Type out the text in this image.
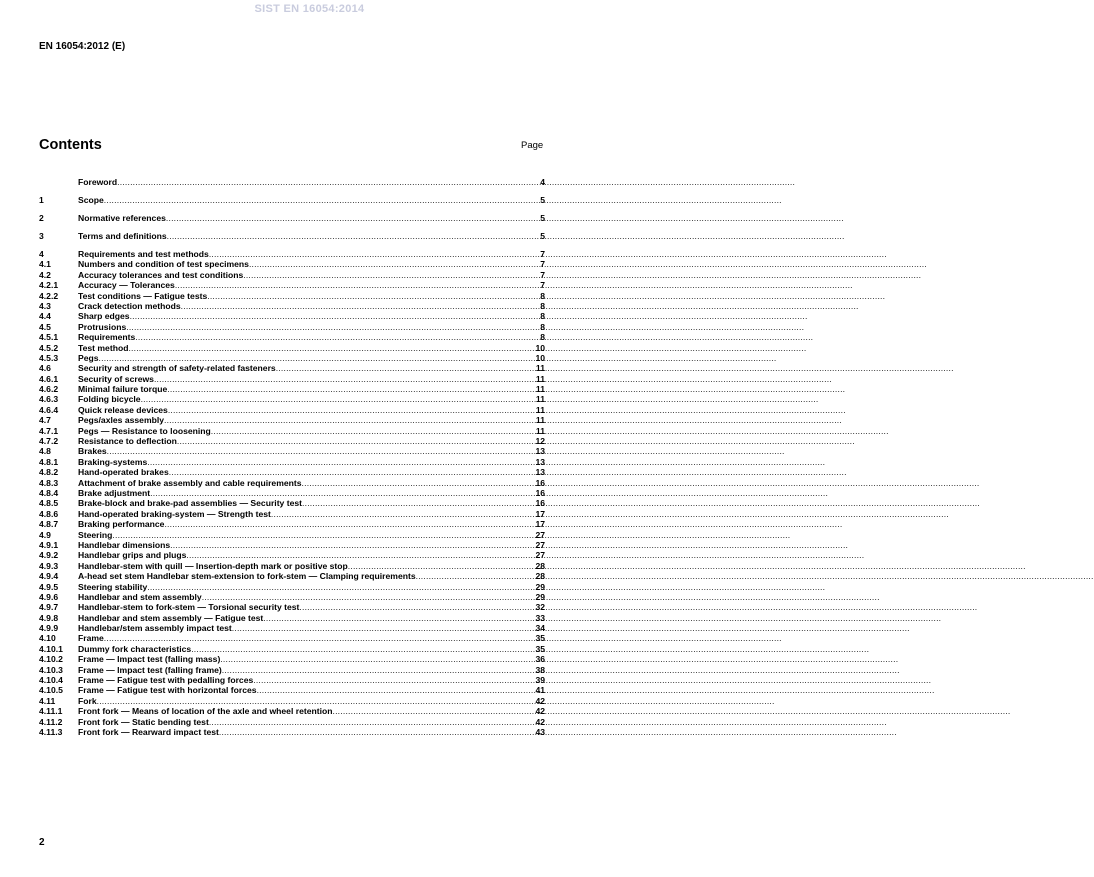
SIST EN 16054:2014
EN 16054:2012 (E)
Contents	Page
Foreword .....	4
1	Scope .....	5
2	Normative references .....	5
3	Terms and definitions .....	5
4	Requirements and test methods .....	7
4.1	Numbers and condition of test specimens .....	7
4.2	Accuracy tolerances and test conditions .....	7
4.2.1	Accuracy — Tolerances .....	7
4.2.2	Test conditions — Fatigue tests .....	8
4.3	Crack detection methods .....	8
4.4	Sharp edges .....	8
4.5	Protrusions .....	8
4.5.1	Requirements .....	8
4.5.2	Test method .....	10
4.5.3	Pegs .....	10
4.6	Security and strength of safety-related fasteners .....	11
4.6.1	Security of screws .....	11
4.6.2	Minimal failure torque .....	11
4.6.3	Folding bicycle .....	11
4.6.4	Quick release devices .....	11
4.7	Pegs/axles assembly .....	11
4.7.1	Pegs — Resistance to loosening .....	11
4.7.2	Resistance to deflection .....	12
4.8	Brakes .....	13
4.8.1	Braking-systems .....	13
4.8.2	Hand-operated brakes .....	13
4.8.3	Attachment of brake assembly and cable requirements .....	16
4.8.4	Brake adjustment .....	16
4.8.5	Brake-block and brake-pad assemblies — Security test .....	16
4.8.6	Hand-operated braking-system — Strength test .....	17
4.8.7	Braking performance .....	17
4.9	Steering .....	27
4.9.1	Handlebar dimensions .....	27
4.9.2	Handlebar grips and plugs .....	27
4.9.3	Handlebar-stem with quill — Insertion-depth mark or positive stop .....	28
4.9.4	A-head set stem Handlebar stem-extension to fork-stem — Clamping requirements .....	28
4.9.5	Steering stability .....	29
4.9.6	Handlebar and stem assembly .....	29
4.9.7	Handlebar-stem to fork-stem — Torsional security test .....	32
4.9.8	Handlebar and stem assembly — Fatigue test .....	33
4.9.9	Handlebar/stem assembly impact test .....	34
4.10	Frame .....	35
4.10.1	Dummy fork characteristics .....	35
4.10.2	Frame — Impact test (falling mass) .....	36
4.10.3	Frame — Impact test (falling frame) .....	38
4.10.4	Frame — Fatigue test with pedalling forces .....	39
4.10.5	Frame — Fatigue test with horizontal forces .....	41
4.11	Fork .....	42
4.11.1	Front fork — Means of location of the axle and wheel retention .....	42
4.11.2	Front fork — Static bending test .....	42
4.11.3	Front fork — Rearward impact test .....	43
2
